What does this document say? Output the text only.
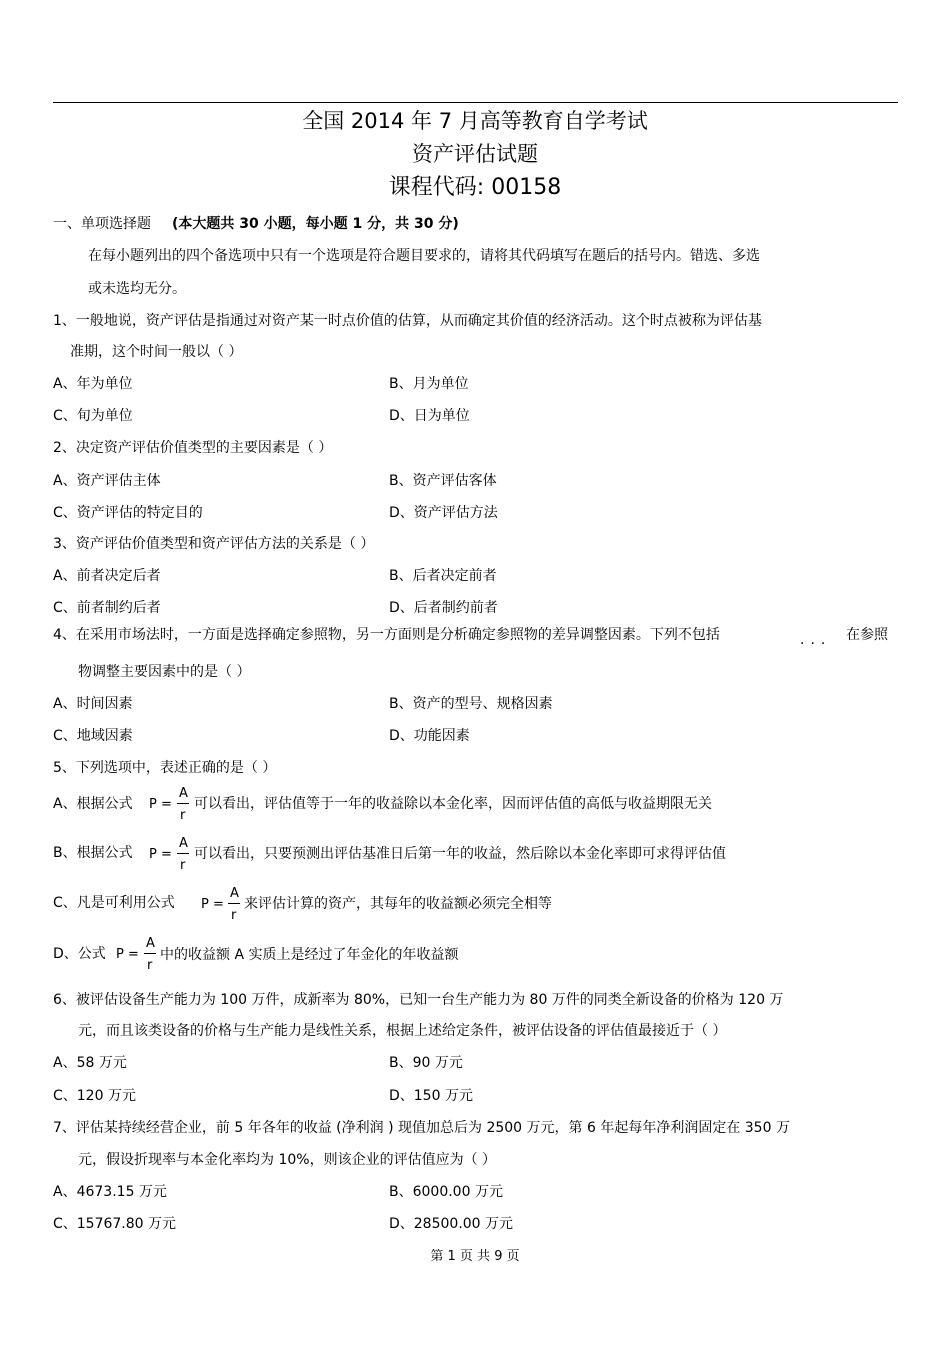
全国 2014 年 7 月高等教育自学考试
资产评估试题
课程代码: 00158
一、单项选择题 (本大题共 30 小题，每小题 1 分，共 30 分)
在每小题列出的四个备选项中只有一个选项是符合题目要求的，请将其代码填写在题后的括号内。错选、多选
或未选均无分。
1、一般地说，资产评估是指通过对资产某一时点价值的估算，从而确定其价值的经济活动。这个时点被称为评估基
准期，这个时间一般以（ ）
A、年为单位	B、月为单位
C、旬为单位	D、日为单位
2、决定资产评估价值类型的主要因素是（ ）
A、资产评估主体	B、资产评估客体
C、资产评估的特定目的	D、资产评估方法
3、资产评估价值类型和资产评估方法的关系是（ ）
A、前者决定后者	B、后者决定前者
C、前者制约后者	D、后者制约前者
4、在采用市场法时，一方面是选择确定参照物，另一方面则是分析确定参照物的差异调整因素。下列不包括	... 在参照
物调整主要因素中的是（ ）
A、时间因素	B、资产的型号、规格因素
C、地域因素	D、功能因素
5、下列选项中，表述正确的是（ ）
A、根据公式 P =
A
r
可以看出，评估值等于一年的收益除以本金化率，因而评估值的高低与收益期限无关
B、根据公式 P =
A
r
可以看出，只要预测出评估基准日后第一年的收益，然后除以本金化率即可求得评估值
C、凡是可利用公式 P =
A
r
来评估计算的资产，其每年的收益额必须完全相等
D、公式 P =
A
r
中的收益额 A 实质上是经过了年金化的年收益额
6、被评估设备生产能力为 100 万件，成新率为 80%，已知一台生产能力为 80 万件的同类全新设备的价格为 120 万
元，而且该类设备的价格与生产能力是线性关系，根据上述给定条件，被评估设备的评估值最接近于（ ）
A、58 万元	B、90 万元
C、120 万元	D、150 万元
7、评估某持续经营企业，前 5 年各年的收益 (净利润 ) 现值加总后为 2500 万元，第 6 年起每年净利润固定在 350 万
元，假设折现率与本金化率均为 10%，则该企业的评估值应为（ ）
A、4673.15 万元	B、6000.00 万元
C、15767.80 万元	D、28500.00 万元
第 1 页 共 9 页
